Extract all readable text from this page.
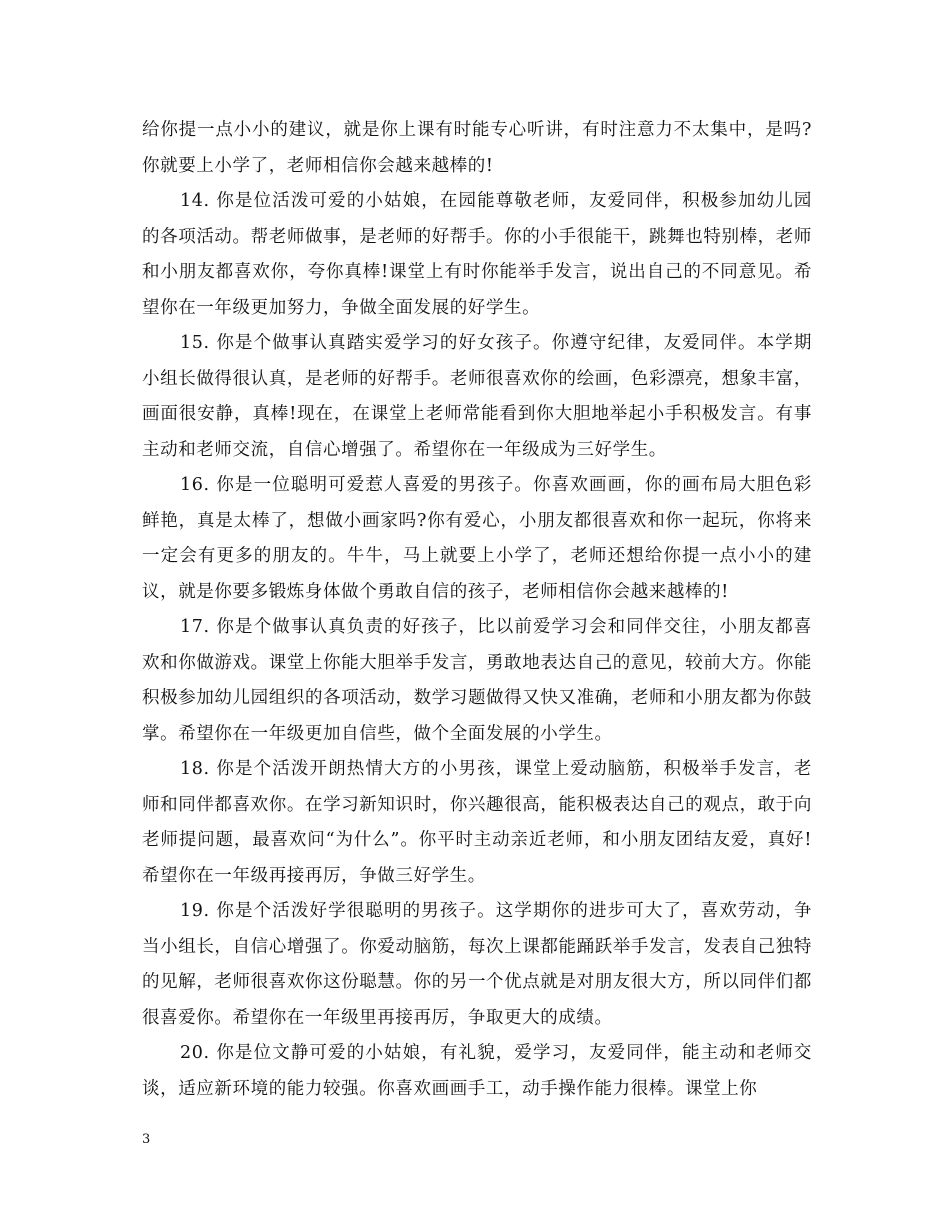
给你提一点小小的建议，就是你上课有时能专心听讲，有时注意力不太集中，是吗?你就要上小学了，老师相信你会越来越棒的!

14. 你是位活泼可爱的小姑娘，在园能尊敬老师，友爱同伴，积极参加幼儿园的各项活动。帮老师做事，是老师的好帮手。你的小手很能干，跳舞也特别棒，老师和小朋友都喜欢你，夸你真棒!课堂上有时你能举手发言，说出自己的不同意见。希望你在一年级更加努力，争做全面发展的好学生。

15. 你是个做事认真踏实爱学习的好女孩子。你遵守纪律，友爱同伴。本学期小组长做得很认真，是老师的好帮手。老师很喜欢你的绘画，色彩漂亮，想象丰富，画面很安静，真棒!现在，在课堂上老师常能看到你大胆地举起小手积极发言。有事主动和老师交流，自信心增强了。希望你在一年级成为三好学生。

16. 你是一位聪明可爱惹人喜爱的男孩子。你喜欢画画，你的画布局大胆色彩鲜艳，真是太棒了，想做小画家吗?你有爱心，小朋友都很喜欢和你一起玩，你将来一定会有更多的朋友的。牛牛，马上就要上小学了，老师还想给你提一点小小的建议，就是你要多锻炼身体做个勇敢自信的孩子，老师相信你会越来越棒的!

17. 你是个做事认真负责的好孩子，比以前爱学习会和同伴交往，小朋友都喜欢和你做游戏。课堂上你能大胆举手发言，勇敢地表达自己的意见，较前大方。你能积极参加幼儿园组织的各项活动，数学习题做得又快又准确，老师和小朋友都为你鼓掌。希望你在一年级更加自信些，做个全面发展的小学生。

18. 你是个活泼开朗热情大方的小男孩，课堂上爱动脑筋，积极举手发言，老师和同伴都喜欢你。在学习新知识时，你兴趣很高，能积极表达自己的观点，敢于向老师提问题，最喜欢问“为什么”。你平时主动亲近老师，和小朋友团结友爱，真好!希望你在一年级再接再厉，争做三好学生。

19. 你是个活泼好学很聪明的男孩子。这学期你的进步可大了，喜欢劳动，争当小组长，自信心增强了。你爱动脑筋，每次上课都能踊跃举手发言，发表自己独特的见解，老师很喜欢你这份聪慧。你的另一个优点就是对朋友很大方，所以同伴们都很喜爱你。希望你在一年级里再接再厉，争取更大的成绩。

20. 你是位文静可爱的小姑娘，有礼貌，爱学习，友爱同伴，能主动和老师交谈，适应新环境的能力较强。你喜欢画画手工，动手操作能力很棒。课堂上你

3
